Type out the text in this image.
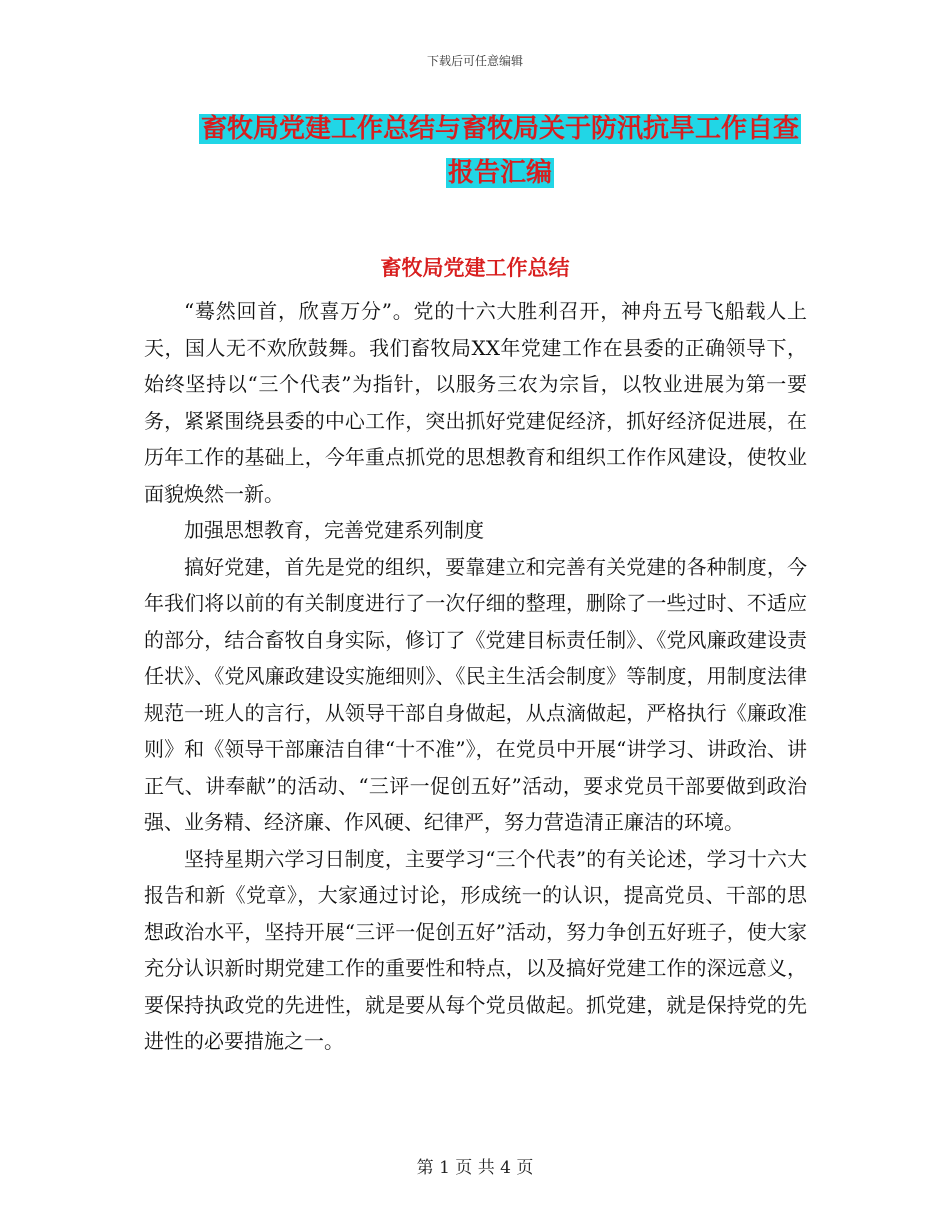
下载后可任意编辑
畜牧局党建工作总结与畜牧局关于防汛抗旱工作自查
报告汇编
畜牧局党建工作总结

“蓦然回首，欣喜万分”。党的十六大胜利召开，神舟五号飞船载人上天，国人无不欢欣鼓舞。我们畜牧局XX年党建工作在县委的正确领导下，始终坚持以“三个代表”为指针，以服务三农为宗旨，以牧业进展为第一要务，紧紧围绕县委的中心工作，突出抓好党建促经济，抓好经济促进展，在历年工作的基础上，今年重点抓党的思想教育和组织工作作风建设，使牧业面貌焕然一新。

加强思想教育，完善党建系列制度

搞好党建，首先是党的组织，要靠建立和完善有关党建的各种制度，今年我们将以前的有关制度进行了一次仔细的整理，删除了一些过时、不适应的部分，结合畜牧自身实际，修订了《党建目标责任制》、《党风廉政建设责任状》、《党风廉政建设实施细则》、《民主生活会制度》等制度，用制度法律规范一班人的言行，从领导干部自身做起，从点滴做起，严格执行《廉政准则》和《领导干部廉洁自律“十不准”》，在党员中开展“讲学习、讲政治、讲正气、讲奉献”的活动、“三评一促创五好”活动，要求党员干部要做到政治强、业务精、经济廉、作风硬、纪律严，努力营造清正廉洁的环境。

坚持星期六学习日制度，主要学习“三个代表”的有关论述，学习十六大报告和新《党章》，大家通过讨论，形成统一的认识，提高党员、干部的思想政治水平，坚持开展“三评一促创五好”活动，努力争创五好班子，使大家充分认识新时期党建工作的重要性和特点，以及搞好党建工作的深远意义，要保持执政党的先进性，就是要从每个党员做起。抓党建，就是保持党的先进性的必要措施之一。

第 1 页 共 4 页
